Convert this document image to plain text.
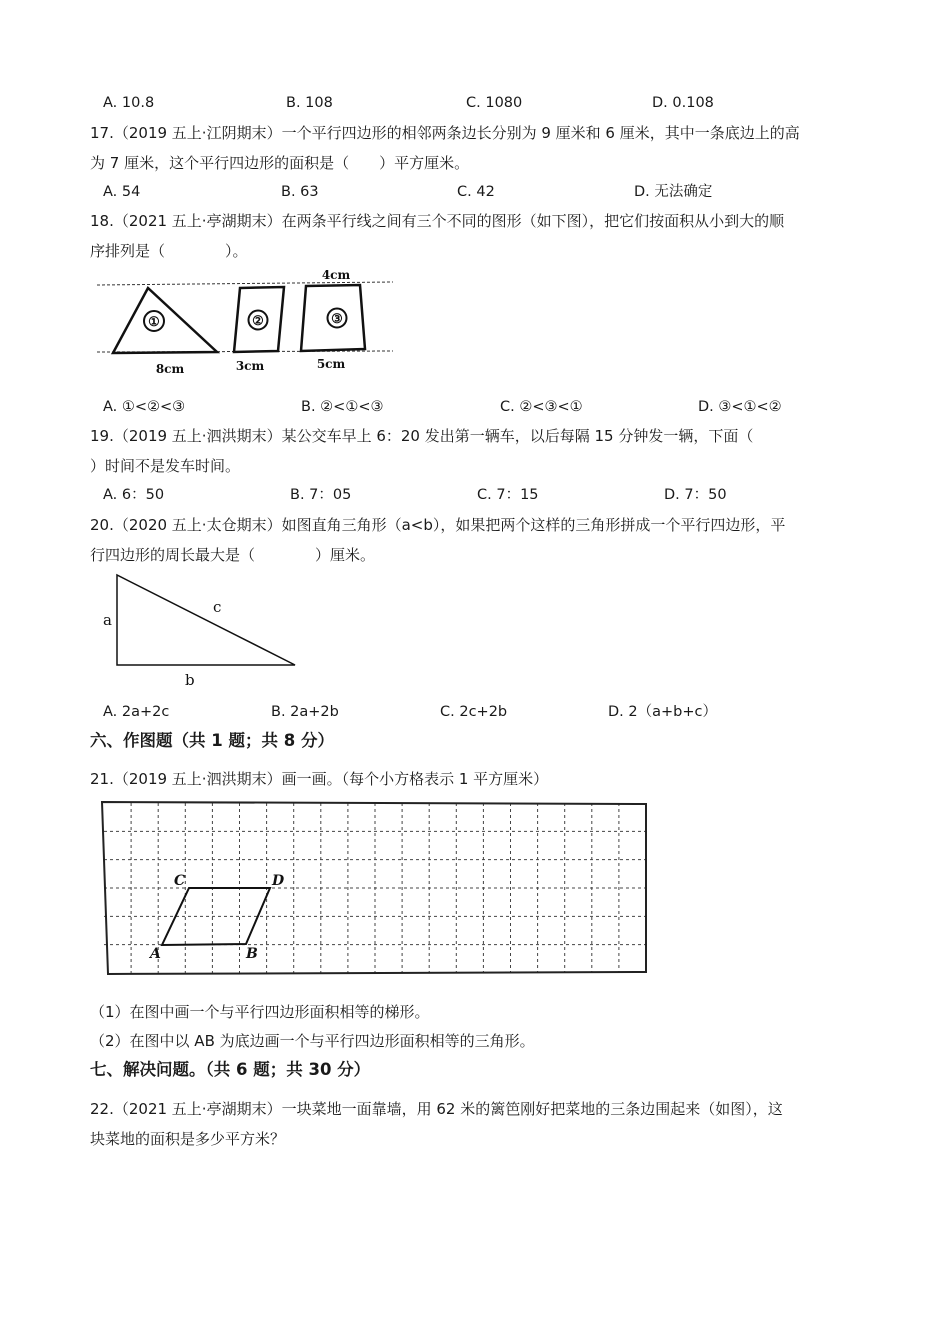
A. 10.8	B. 108	C. 1080	D. 0.108
17.（2019 五上·江阴期末）一个平行四边形的相邻两条边长分别为 9 厘米和 6 厘米，其中一条底边上的高
为 7 厘米，这个平行四边形的面积是（　　）平方厘米。
A. 54	B. 63	C. 42	D. 无法确定
18.（2021 五上·亭湖期末）在两条平行线之间有三个不同的图形（如下图），把它们按面积从小到大的顺
序排列是（　　　　）。
①	②	③
4cm
8cm	3cm	5cm
A. ①<②<③	B. ②<①<③	C. ②<③<①	D. ③<①<②
19.（2019 五上·泗洪期末）某公交车早上 6：20 发出第一辆车，以后每隔 15 分钟发一辆，下面（
）时间不是发车时间。
A. 6：50	B. 7：05	C. 7：15	D. 7：50
20.（2020 五上·太仓期末）如图直角三角形（a<b），如果把两个这样的三角形拼成一个平行四边形，平
行四边形的周长最大是（　　　　）厘米。
a
b
c
A. 2a+2c	B. 2a+2b	C. 2c+2b	D. 2（a+b+c）
六、作图题（共 1 题；共 8 分）
21.（2019 五上·泗洪期末）画一画。（每个小方格表示 1 平方厘米）
A	B
C	D
（1）在图中画一个与平行四边形面积相等的梯形。
（2）在图中以 AB 为底边画一个与平行四边形面积相等的三角形。
七、解决问题。（共 6 题；共 30 分）
22.（2021 五上·亭湖期末）一块菜地一面靠墙，用 62 米的篱笆刚好把菜地的三条边围起来（如图），这
块菜地的面积是多少平方米？
